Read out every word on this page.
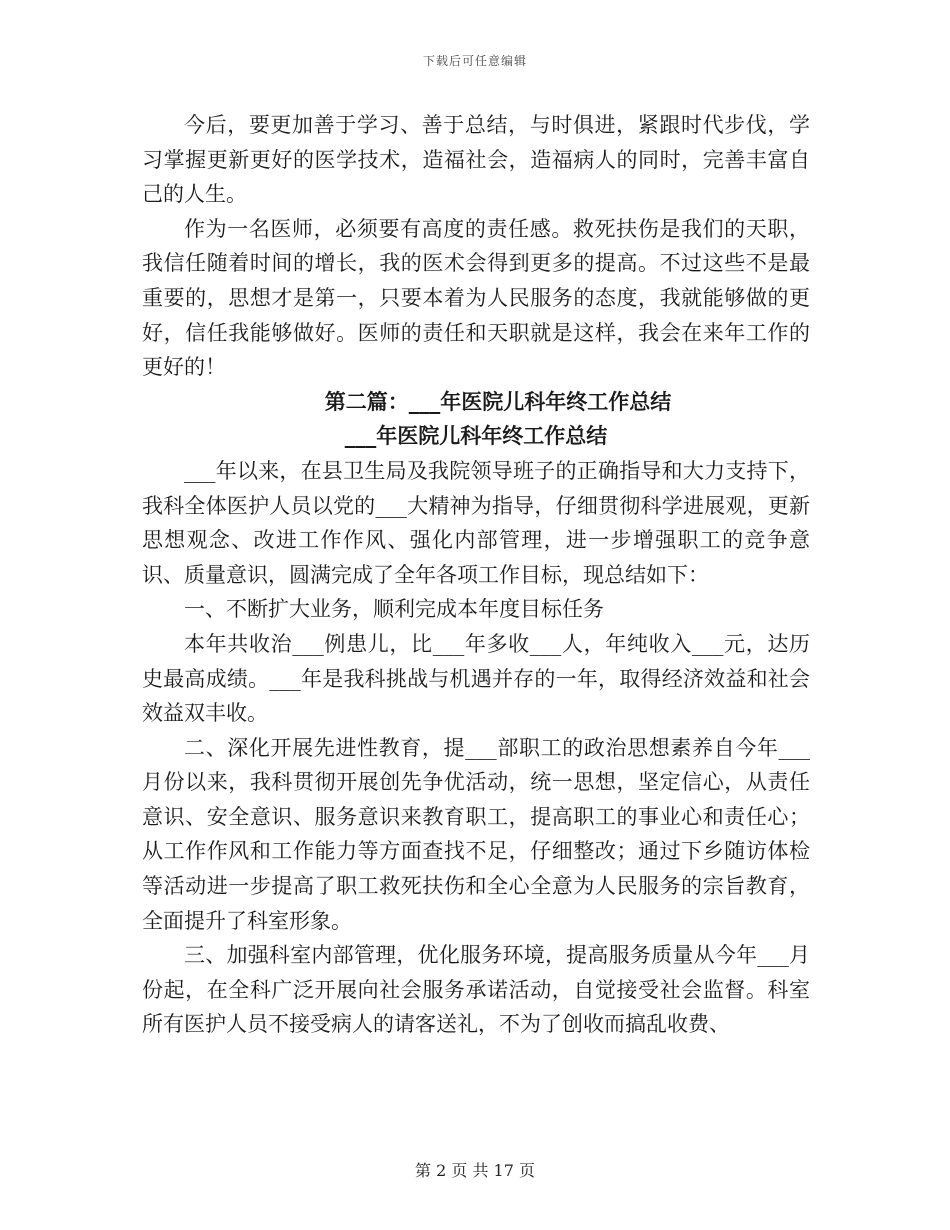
下载后可任意编辑

今后，要更加善于学习、善于总结，与时俱进，紧跟时代步伐，学习掌握更新更好的医学技术，造福社会，造福病人的同时，完善丰富自己的人生。

作为一名医师，必须要有高度的责任感。救死扶伤是我们的天职，我信任随着时间的增长，我的医术会得到更多的提高。不过这些不是最重要的，思想才是第一，只要本着为人民服务的态度，我就能够做的更好，信任我能够做好。医师的责任和天职就是这样，我会在来年工作的更好的！

第二篇：___年医院儿科年终工作总结

___年医院儿科年终工作总结

___年以来，在县卫生局及我院领导班子的正确指导和大力支持下，我科全体医护人员以党的___大精神为指导，仔细贯彻科学进展观，更新思想观念、改进工作作风、强化内部管理，进一步增强职工的竞争意识、质量意识，圆满完成了全年各项工作目标，现总结如下：

一、不断扩大业务，顺利完成本年度目标任务

本年共收治___例患儿，比___年多收___人，年纯收入___元，达历史最高成绩。___年是我科挑战与机遇并存的一年，取得经济效益和社会效益双丰收。

二、深化开展先进性教育，提___部职工的政治思想素养自今年___月份以来，我科贯彻开展创先争优活动，统一思想，坚定信心，从责任意识、安全意识、服务意识来教育职工，提高职工的事业心和责任心；从工作作风和工作能力等方面查找不足，仔细整改；通过下乡随访体检等活动进一步提高了职工救死扶伤和全心全意为人民服务的宗旨教育，全面提升了科室形象。

三、加强科室内部管理，优化服务环境，提高服务质量从今年___月份起，在全科广泛开展向社会服务承诺活动，自觉接受社会监督。科室所有医护人员不接受病人的请客送礼，不为了创收而搞乱收费、

第 2 页 共 17 页
